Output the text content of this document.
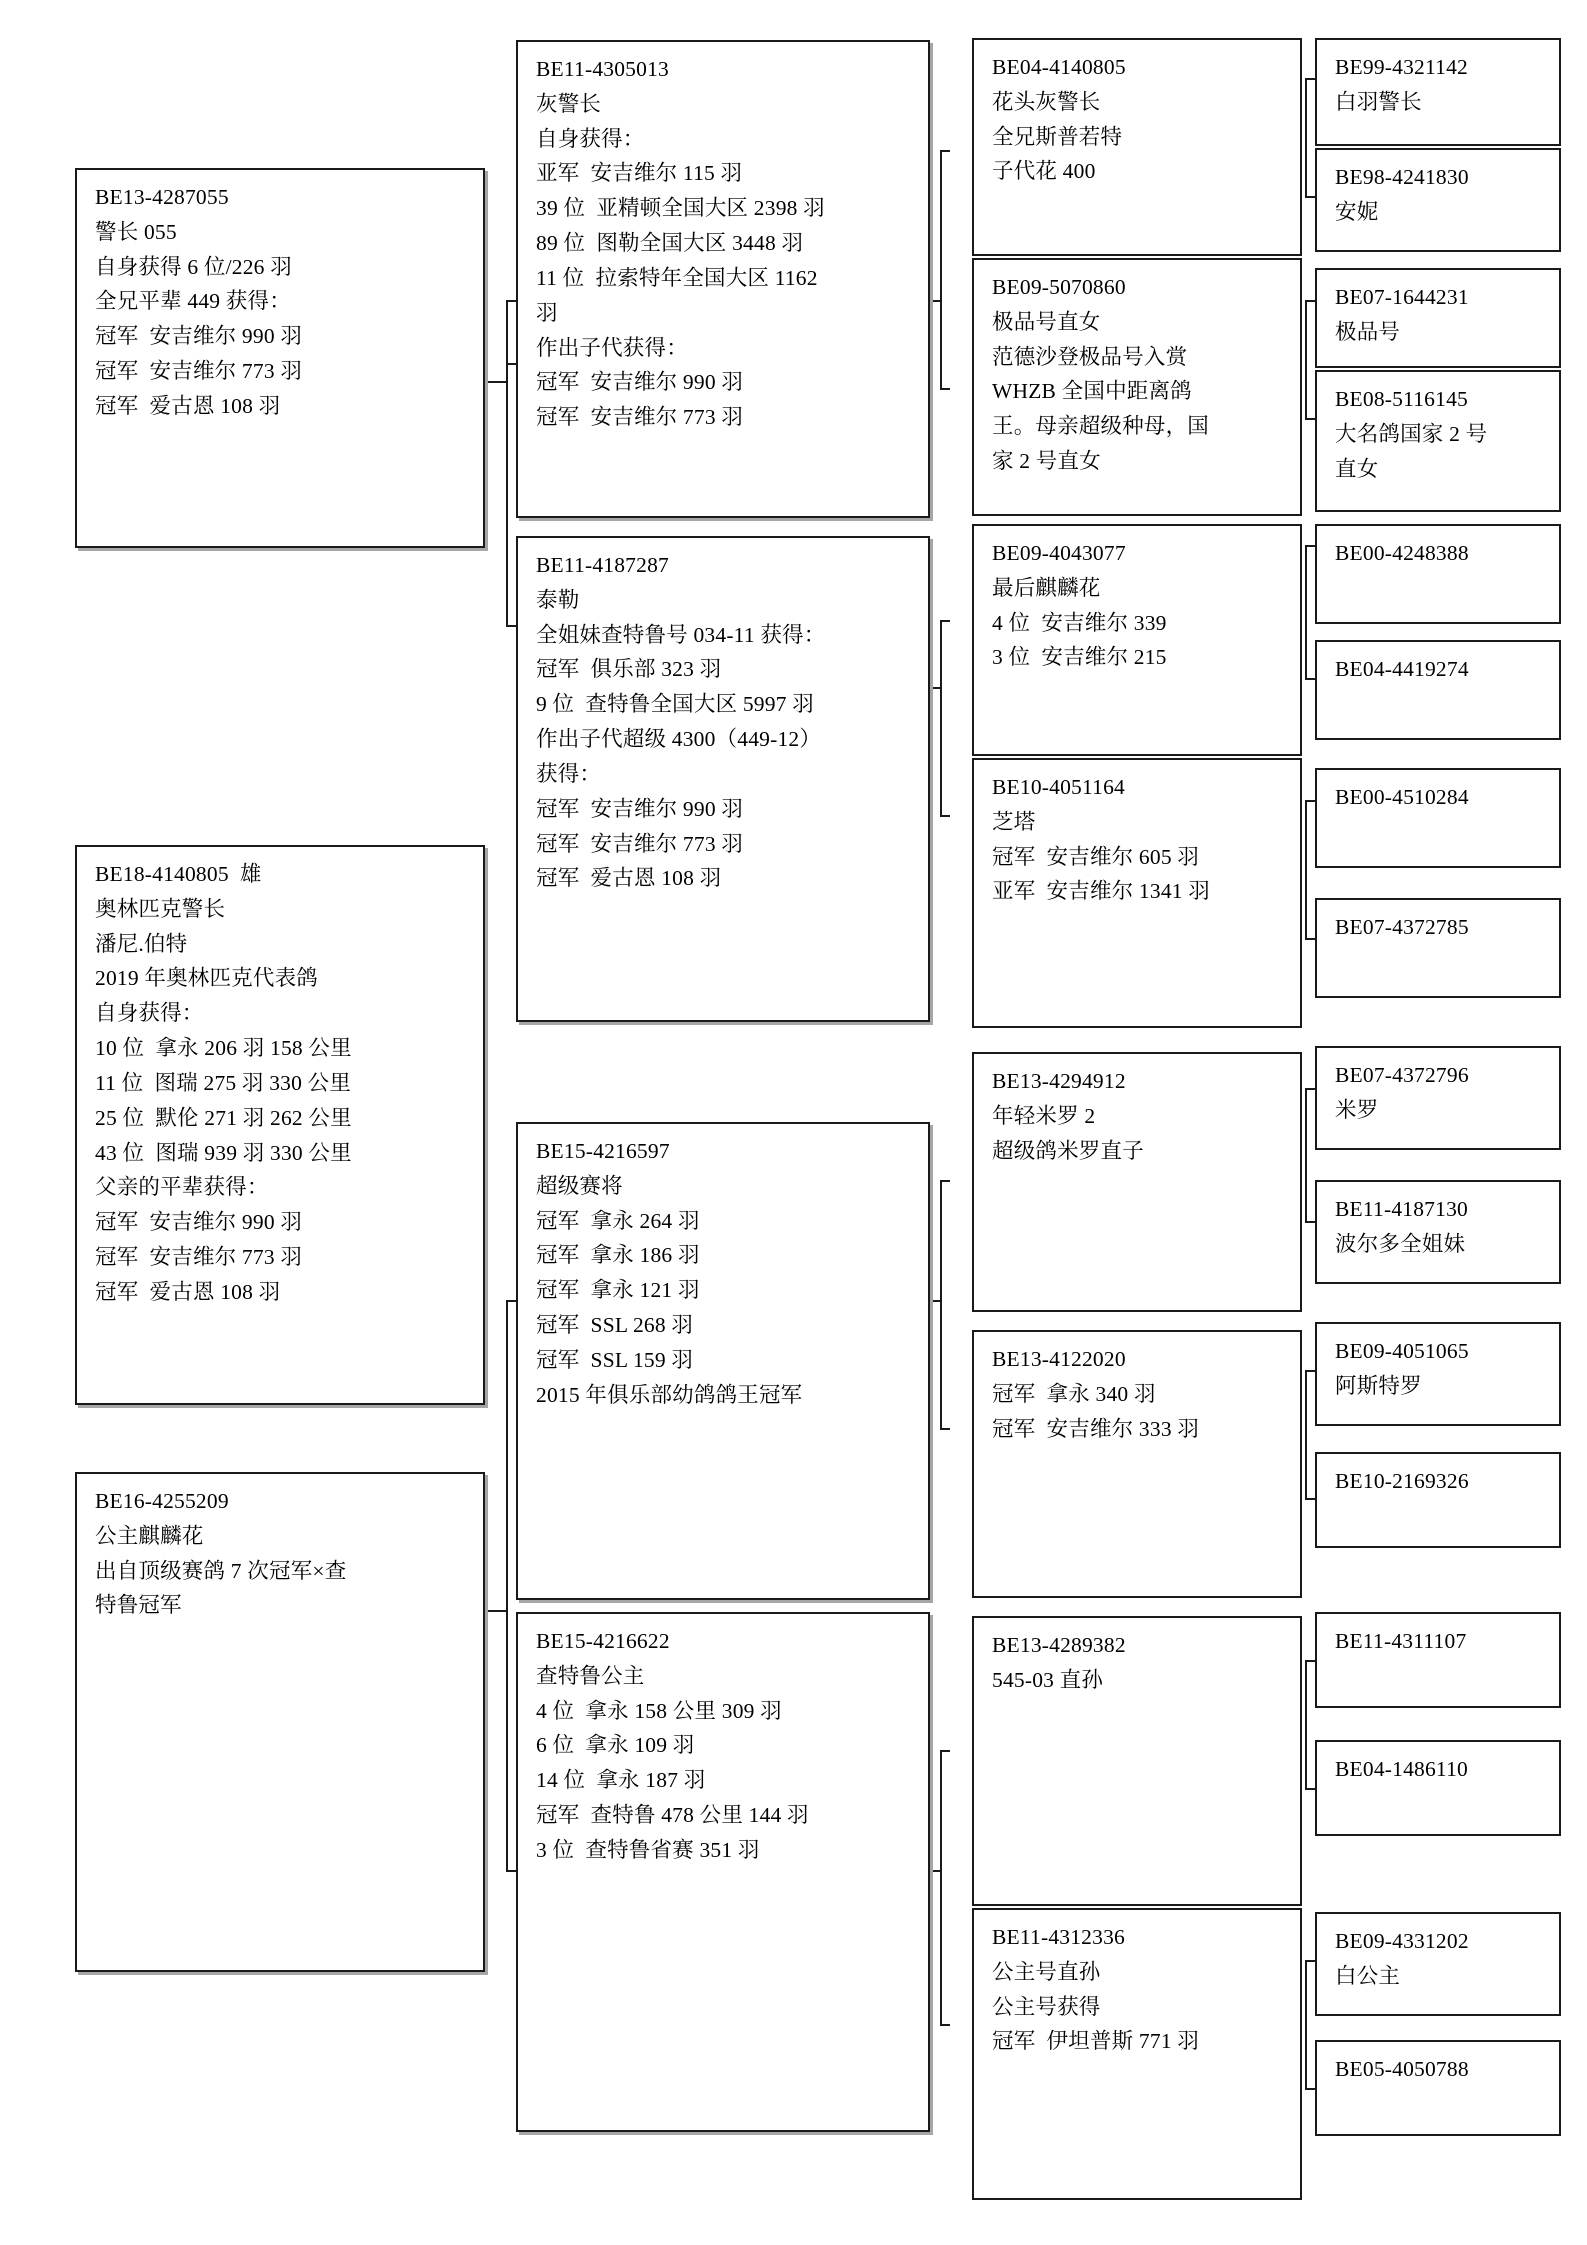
BE13-4287055
警长 055
自身获得 6 位/226 羽
全兄平辈 449 获得：
冠军  安吉维尔 990 羽
冠军  安吉维尔 773 羽
冠军  爱古恩 108 羽
BE18-4140805  雄
奥林匹克警长
潘尼.伯特
2019 年奥林匹克代表鸽
自身获得：
10 位  拿永 206 羽 158 公里
11 位  图瑞 275 羽 330 公里
25 位  默伦 271 羽 262 公里
43 位  图瑞 939 羽 330 公里
父亲的平辈获得：
冠军  安吉维尔 990 羽
冠军  安吉维尔 773 羽
冠军  爱古恩 108 羽
BE16-4255209
公主麒麟花
出自顶级赛鸽 7 次冠军×查
特鲁冠军
BE11-4305013
灰警长
自身获得：
亚军  安吉维尔 115 羽
39 位  亚精顿全国大区 2398 羽
89 位  图勒全国大区 3448 羽
11 位  拉索特年全国大区 1162
羽
作出子代获得：
冠军  安吉维尔 990 羽
冠军  安吉维尔 773 羽
BE11-4187287
泰勒
全姐妹查特鲁号 034-11 获得：
冠军  俱乐部 323 羽
9 位  查特鲁全国大区 5997 羽
作出子代超级 4300（449-12）
获得：
冠军  安吉维尔 990 羽
冠军  安吉维尔 773 羽
冠军  爱古恩 108 羽
BE15-4216597
超级赛将
冠军  拿永 264 羽
冠军  拿永 186 羽
冠军  拿永 121 羽
冠军  SSL 268 羽
冠军  SSL 159 羽
2015 年俱乐部幼鸽鸽王冠军
BE15-4216622
查特鲁公主
4 位  拿永 158 公里 309 羽
6 位  拿永 109 羽
14 位  拿永 187 羽
冠军  查特鲁 478 公里 144 羽
3 位  查特鲁省赛 351 羽
BE04-4140805
花头灰警长
全兄斯普若特
子代花 400
BE09-5070860
极品号直女
范德沙登极品号入赏
WHZB 全国中距离鸽
王。母亲超级种母，国
家 2 号直女
BE09-4043077
最后麒麟花
4 位  安吉维尔 339
3 位  安吉维尔 215
BE10-4051164
芝塔
冠军  安吉维尔 605 羽
亚军  安吉维尔 1341 羽
BE13-4294912
年轻米罗 2
超级鸽米罗直子
BE13-4122020
冠军  拿永 340 羽
冠军  安吉维尔 333 羽
BE13-4289382
545-03 直孙
BE11-4312336
公主号直孙
公主号获得
冠军  伊坦普斯 771 羽
BE99-4321142
白羽警长
BE98-4241830
安妮
BE07-1644231
极品号
BE08-5116145
大名鸽国家 2 号
直女
BE00-4248388
BE04-4419274
BE00-4510284
BE07-4372785
BE07-4372796
米罗
BE11-4187130
波尔多全姐妹
BE09-4051065
阿斯特罗
BE10-2169326
BE11-4311107
BE04-1486110
BE09-4331202
白公主
BE05-4050788
